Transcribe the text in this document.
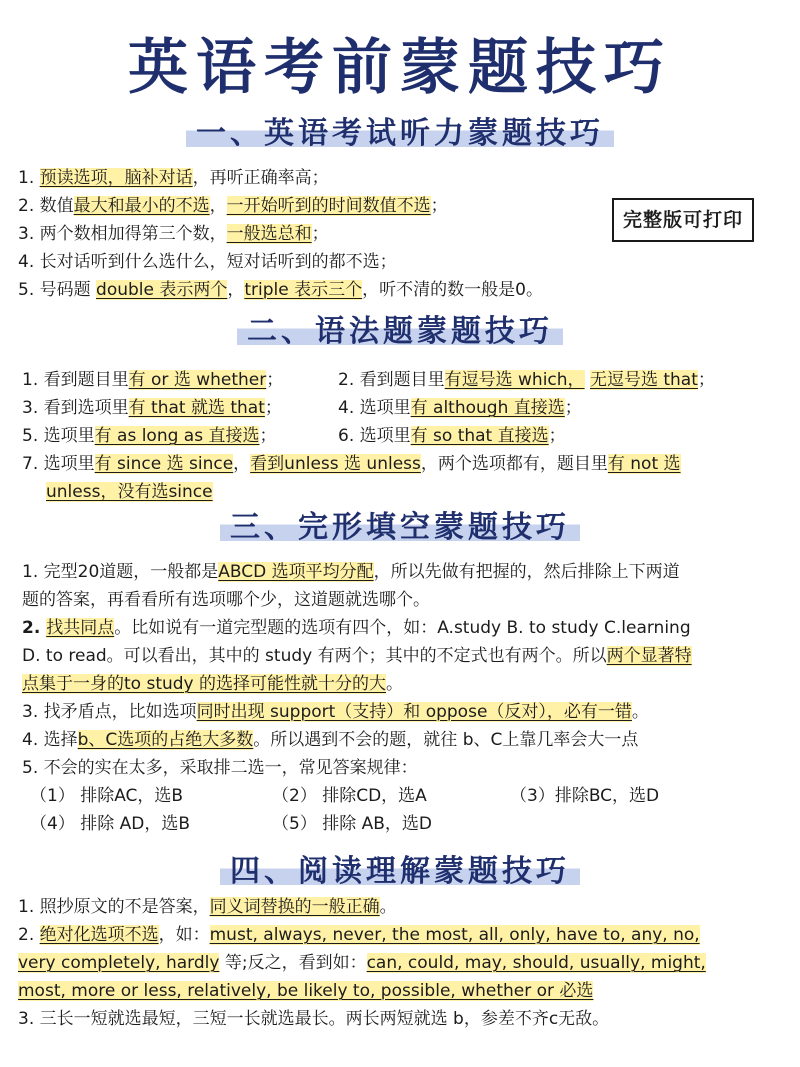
英语考前蒙题技巧
完整版可打印
一、英语考试听力蒙题技巧
1. 预读选项，脑补对话，再听正确率高；
2. 数值最大和最小的不选，一开始听到的时间数值不选；
3. 两个数相加得第三个数，一般选总和；
4. 长对话听到什么选什么，短对话听到的都不选；
5. 号码题 double 表示两个，triple 表示三个，听不清的数一般是0。
二、语法题蒙题技巧
1. 看到题目里有 or 选 whether；	2. 看到题目里有逗号选 which， 无逗号选 that；
3. 看到选项里有 that 就选 that；	4. 选项里有 although 直接选；
5. 选项里有 as long as 直接选；	6. 选项里有 so that 直接选；
7. 选项里有 since 选 since，看到unless 选 unless，两个选项都有，题目里有 not 选
unless，没有选since
三、完形填空蒙题技巧
1. 完型20道题，一般都是ABCD 选项平均分配，所以先做有把握的，然后排除上下两道
题的答案，再看看所有选项哪个少，这道题就选哪个。
2. 找共同点。比如说有一道完型题的选项有四个，如：A.study B. to study C.learning
D. to read。可以看出，其中的 study 有两个；其中的不定式也有两个。所以两个显著特
点集于一身的to study 的选择可能性就十分的大。
3. 找矛盾点，比如选项同时出现 support（支持）和 oppose（反对），必有一错。
4. 选择b、C选项的占绝大多数。所以遇到不会的题，就往 b、C上靠几率会大一点
5. 不会的实在太多，采取排二选一，常见答案规律：
（1） 排除AC，选B	（2） 排除CD，选A	（3）排除BC，选D
（4） 排除 AD，选B	（5） 排除 AB，选D
四、阅读理解蒙题技巧
1. 照抄原文的不是答案，同义词替换的一般正确。
2. 绝对化选项不选，如：must, always, never, the most, all, only, have to, any, no,
very completely, hardly 等;反之，看到如：can, could, may, should, usually, might,
most, more or less, relatively, be likely to, possible, whether or 必选
3. 三长一短就选最短，三短一长就选最长。两长两短就选 b，参差不齐c无敌。
